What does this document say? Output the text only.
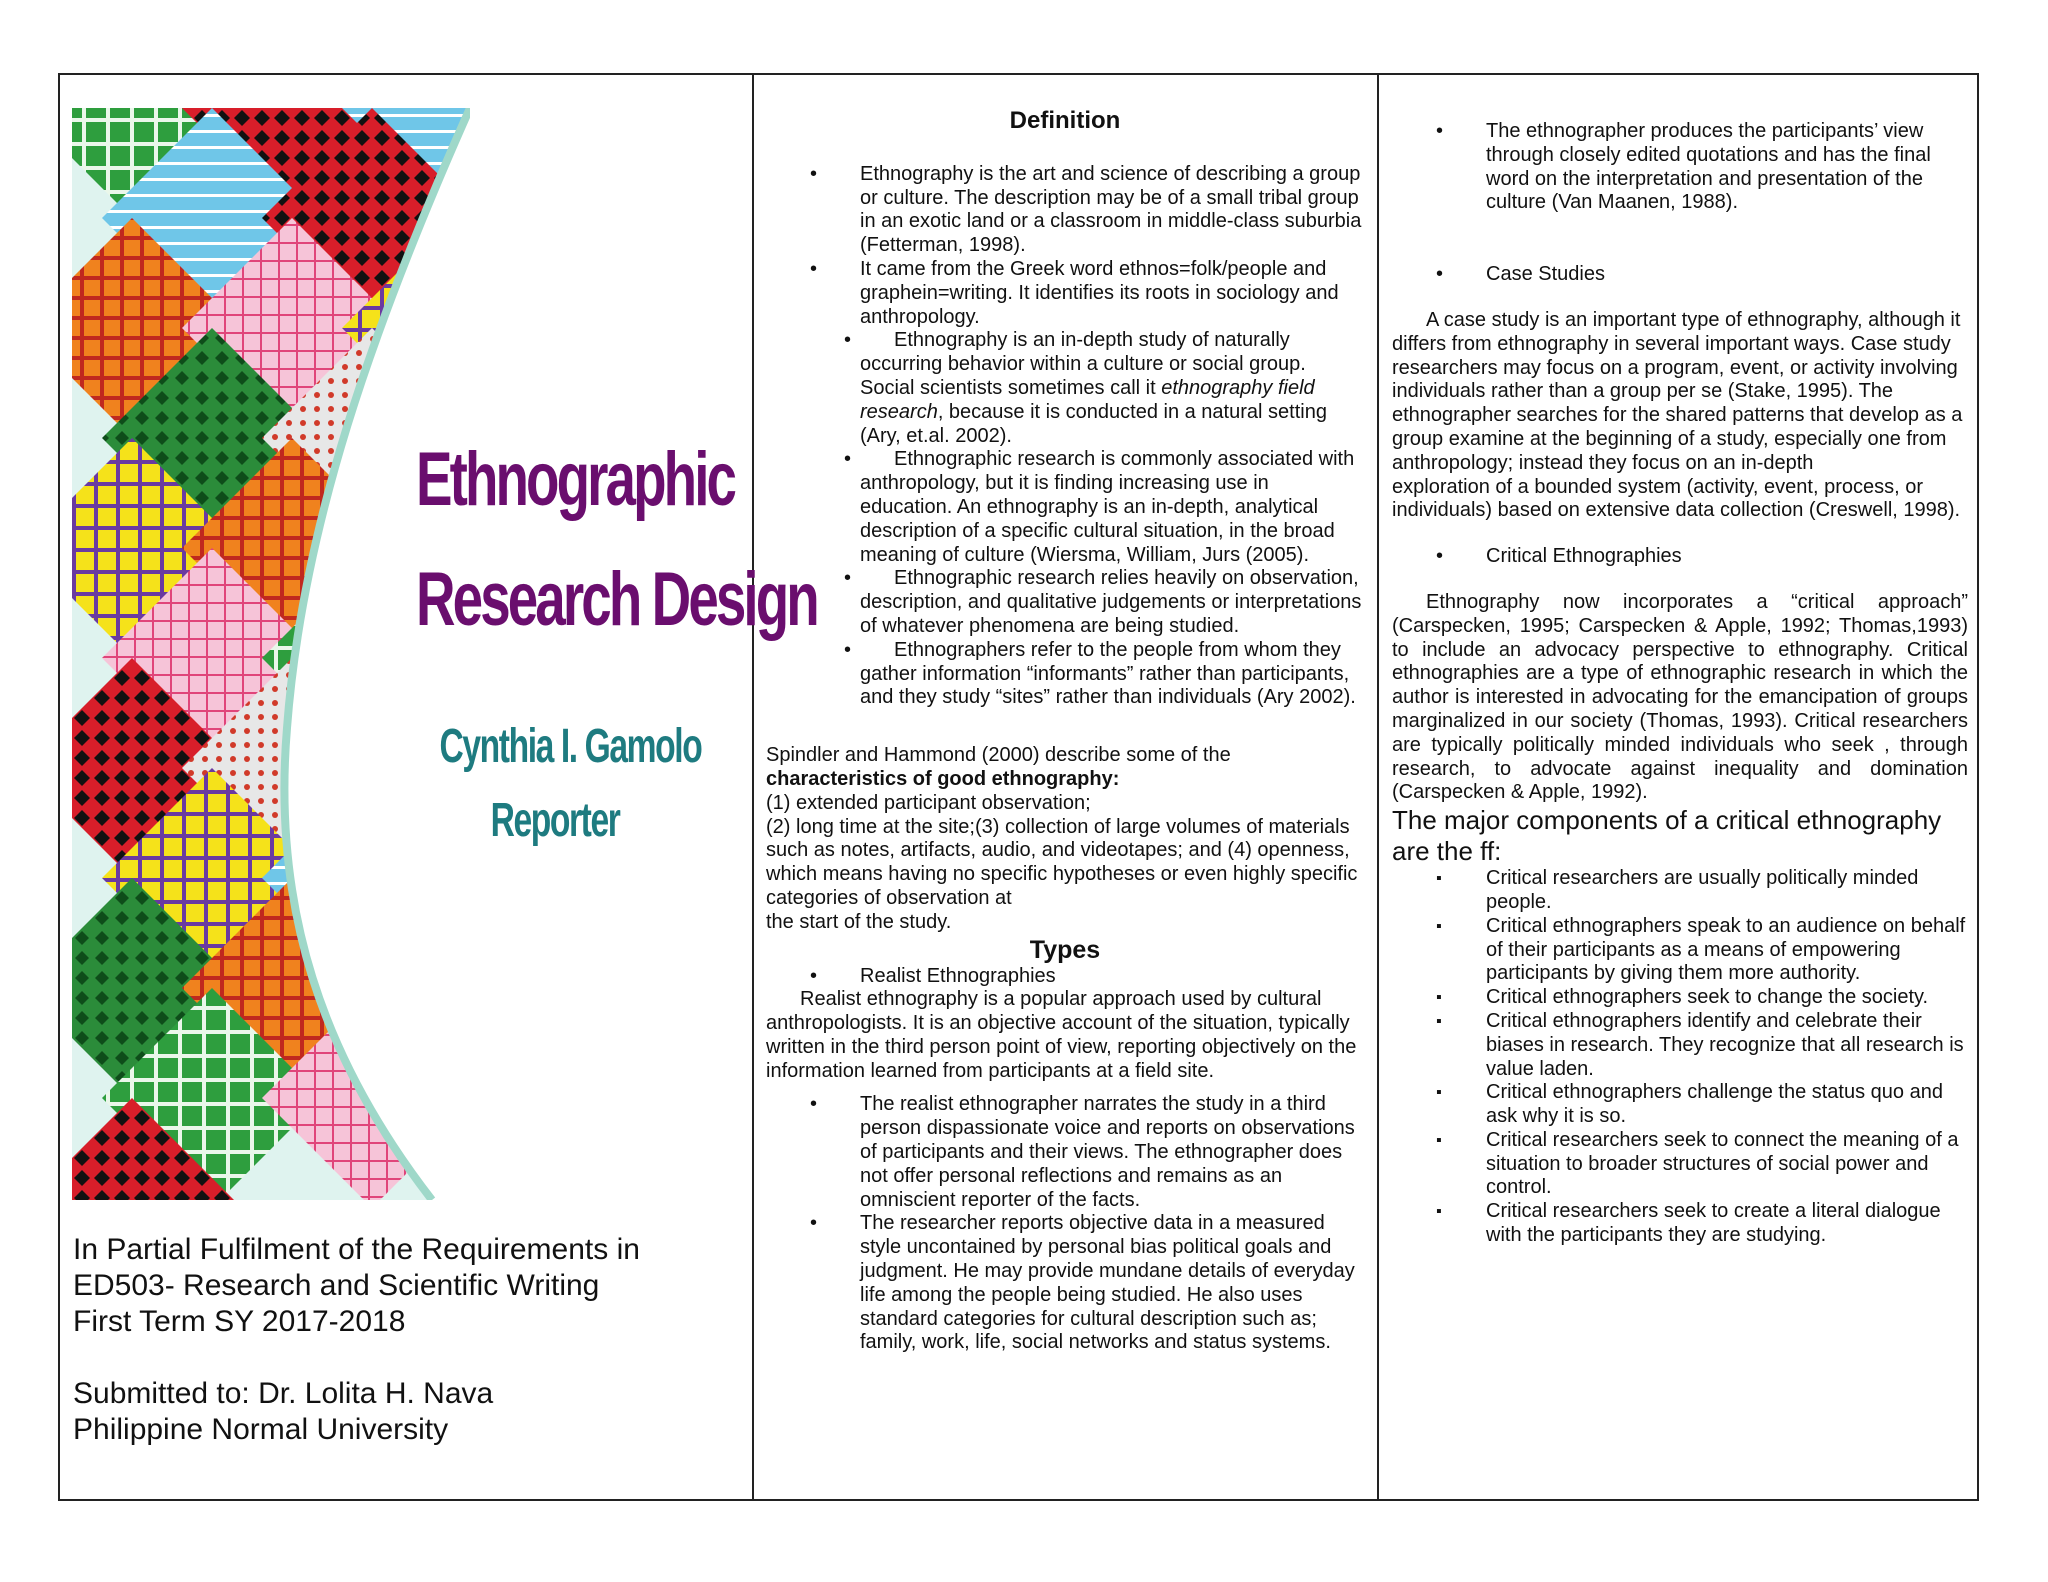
Ethnographic
Research Design
Cynthia I. Gamolo
Reporter

In Partial Fulfilment of the Requirements in

ED503- Research and Scientific Writing

First Term SY 2017-2018

Submitted to: Dr. Lolita H. Nava

Philippine Normal University

Definition
• Ethnography is the art and science of describing a group or culture. The description may be of a small tribal group in an exotic land or a classroom in middle-class suburbia (Fetterman, 1998).
• It came from the Greek word ethnos=folk/people and graphein=writing. It identifies its roots in sociology and anthropology.
• Ethnography is an in-depth study of naturally occurring behavior within a culture or social group. Social scientists sometimes call it ethnography field research, because it is conducted in a natural setting (Ary, et.al. 2002).
• Ethnographic research is commonly associated with anthropology, but it is finding increasing use in education. An ethnography is an in-depth, analytical description of a specific cultural situation, in the broad meaning of culture (Wiersma, William, Jurs (2005).
• Ethnographic research relies heavily on observation, description, and qualitative judgements or interpretations of whatever phenomena are being studied.
• Ethnographers refer to the people from whom they gather information “informants” rather than participants, and they study “sites” rather than individuals (Ary 2002).

Spindler and Hammond (2000) describe some of the

characteristics of good ethnography:

(1) extended participant observation;

(2) long time at the site;(3) collection of large volumes of materials such as notes, artifacts, audio, and videotapes; and (4) openness, which means having no specific hypotheses or even highly specific categories of observation at

the start of the study.

Types
• Realist Ethnographies

Realist ethnography is a popular approach used by cultural anthropologists. It is an objective account of the situation, typically written in the third person point of view, reporting objectively on the information learned from participants at a field site.

• The realist ethnographer narrates the study in a third person dispassionate voice and reports on observations of participants and their views. The ethnographer does not offer personal reflections and remains as an omniscient reporter of the facts.
• The researcher reports objective data in a measured style uncontained by personal bias political goals and judgment. He may provide mundane details of everyday life among the people being studied. He also uses standard categories for cultural description such as; family, work, life, social networks and status systems.
• The ethnographer produces the participants’ view through closely edited quotations and has the final word on the interpretation and presentation of the culture (Van Maanen, 1988).
• Case Studies

A case study is an important type of ethnography, although it differs from ethnography in several important ways. Case study researchers may focus on a program, event, or activity involving individuals rather than a group per se (Stake, 1995). The ethnographer searches for the shared patterns that develop as a group examine at the beginning of a study, especially one from anthropology; instead they focus on an in-depth

exploration of a bounded system (activity, event, process, or individuals) based on extensive data collection (Creswell, 1998).

• Critical Ethnographies

Ethnography now incorporates a “critical approach” (Carspecken, 1995; Carspecken & Apple, 1992; Thomas,1993) to include an advocacy perspective to ethnography. Critical ethnographies are a type of ethnographic research in which the author is interested in advocating for the emancipation of groups marginalized in our society (Thomas, 1993). Critical researchers are typically politically minded individuals who seek , through research, to advocate against inequality and domination (Carspecken & Apple, 1992).

The major components of a critical ethnography are the ff:

▪ Critical researchers are usually politically minded people.
▪ Critical ethnographers speak to an audience on behalf of their participants as a means of empowering participants by giving them more authority.
▪ Critical ethnographers seek to change the society.
▪ Critical ethnographers identify and celebrate their biases in research. They recognize that all research is value laden.
▪ Critical ethnographers challenge the status quo and ask why it is so.
▪ Critical researchers seek to connect the meaning of a situation to broader structures of social power and control.
▪ Critical researchers seek to create a literal dialogue with the participants they are studying.
